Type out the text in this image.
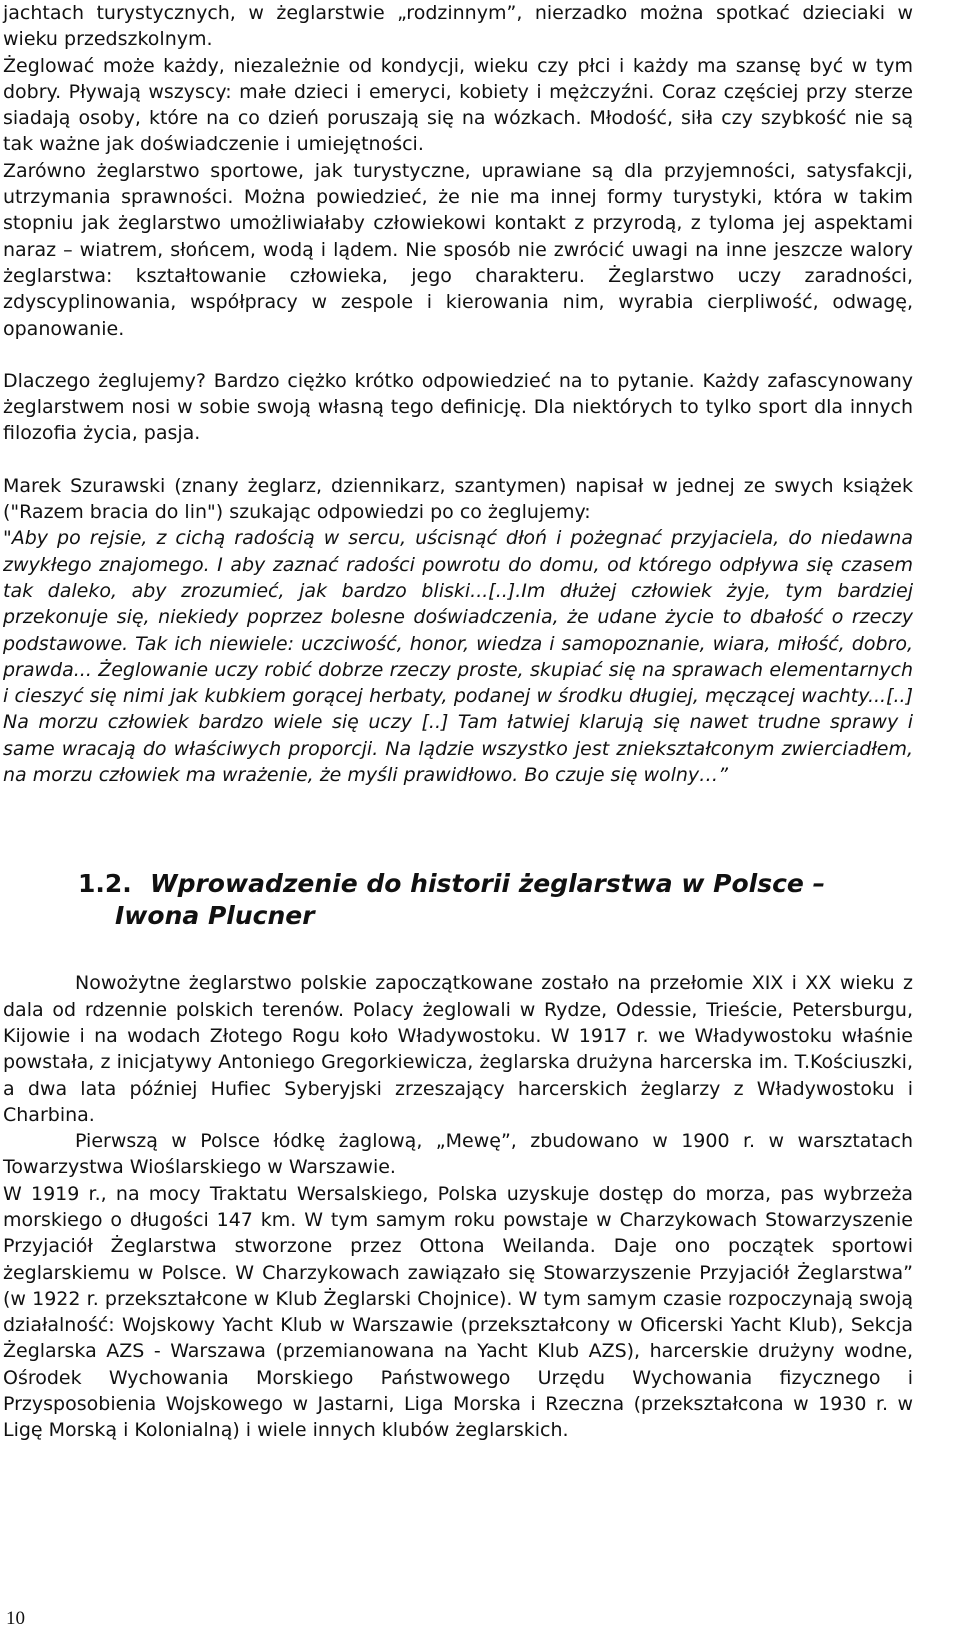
jachtach turystycznych, w żeglarstwie „rodzinnym”, nierzadko można spotkać dzieciaki w wieku przedszkolnym.

Żeglować może każdy, niezależnie od kondycji, wieku czy płci i każdy ma szansę być w tym dobry. Pływają wszyscy: małe dzieci i emeryci, kobiety i mężczyźni. Coraz częściej przy sterze siadają osoby, które na co dzień poruszają się na wózkach. Młodość, siła czy szybkość nie są tak ważne jak doświadczenie i umiejętności.

Zarówno żeglarstwo sportowe, jak turystyczne, uprawiane są dla przyjemności, satysfakcji, utrzymania sprawności. Można powiedzieć, że nie ma innej formy turystyki, która w takim stopniu jak żeglarstwo umożliwiałaby człowiekowi kontakt z przyrodą, z tyloma jej aspektami naraz – wiatrem, słońcem, wodą i lądem. Nie sposób nie zwrócić uwagi na inne jeszcze walory żeglarstwa: kształtowanie człowieka, jego charakteru. Żeglarstwo uczy zaradności, zdyscyplinowania, współpracy w zespole i kierowania nim, wyrabia cierpliwość, odwagę, opanowanie.

Dlaczego żeglujemy? Bardzo ciężko krótko odpowiedzieć na to pytanie. Każdy zafascynowany żeglarstwem nosi w sobie swoją własną tego definicję. Dla niektórych to tylko sport dla innych filozofia życia, pasja.

Marek Szurawski (znany żeglarz, dziennikarz, szantymen) napisał w jednej ze swych książek ("Razem bracia do lin") szukając odpowiedzi po co żeglujemy:

"Aby po rejsie, z cichą radością w sercu, uścisnąć dłoń i pożegnać przyjaciela, do niedawna zwykłego znajomego. I aby zaznać radości powrotu do domu, od którego odpływa się czasem tak daleko, aby zrozumieć, jak bardzo bliski...[..].Im dłużej człowiek żyje, tym bardziej przekonuje się, niekiedy poprzez bolesne doświadczenia, że udane życie to dbałość o rzeczy podstawowe. Tak ich niewiele: uczciwość, honor, wiedza i samopoznanie, wiara, miłość, dobro, prawda... Żeglowanie uczy robić dobrze rzeczy proste, skupiać się na sprawach elementarnych i cieszyć się nimi jak kubkiem gorącej herbaty, podanej w środku długiej, męczącej wachty...[..] Na morzu człowiek bardzo wiele się uczy [..] Tam łatwiej klarują się nawet trudne sprawy i same wracają do właściwych proporcji. Na lądzie wszystko jest zniekształconym zwierciadłem, na morzu człowiek ma wrażenie, że myśli prawidłowo. Bo czuje się wolny…”

1.2. Wprowadzenie do historii żeglarstwa w Polsce –
Iwona Plucner

Nowożytne żeglarstwo polskie zapoczątkowane zostało na przełomie XIX i XX wieku z dala od rdzennie polskich terenów. Polacy żeglowali w Rydze, Odessie, Trieście, Petersburgu, Kijowie i na wodach Złotego Rogu koło Władywostoku. W 1917 r. we Władywostoku właśnie powstała, z inicjatywy Antoniego Gregorkiewicza, żeglarska drużyna harcerska im. T.Kościuszki, a dwa lata później Hufiec Syberyjski zrzeszający harcerskich żeglarzy z Władywostoku i Charbina.

Pierwszą w Polsce łódkę żaglową, „Mewę”, zbudowano w 1900 r. w warsztatach Towarzystwa Wioślarskiego w Warszawie.

W 1919 r., na mocy Traktatu Wersalskiego, Polska uzyskuje dostęp do morza, pas wybrzeża morskiego o długości 147 km. W tym samym roku powstaje w Charzykowach Stowarzyszenie Przyjaciół Żeglarstwa stworzone przez Ottona Weilanda. Daje ono początek sportowi żeglarskiemu w Polsce. W Charzykowach zawiązało się Stowarzyszenie Przyjaciół Żeglarstwa” (w 1922 r. przekształcone w Klub Żeglarski Chojnice). W tym samym czasie rozpoczynają swoją działalność: Wojskowy Yacht Klub w Warszawie (przekształcony w Oficerski Yacht Klub), Sekcja Żeglarska AZS - Warszawa (przemianowana na Yacht Klub AZS), harcerskie drużyny wodne, Ośrodek Wychowania Morskiego Państwowego Urzędu Wychowania fizycznego i Przysposobienia Wojskowego w Jastarni, Liga Morska i Rzeczna (przekształcona w 1930 r. w Ligę Morską i Kolonialną) i wiele innych klubów żeglarskich.

10
